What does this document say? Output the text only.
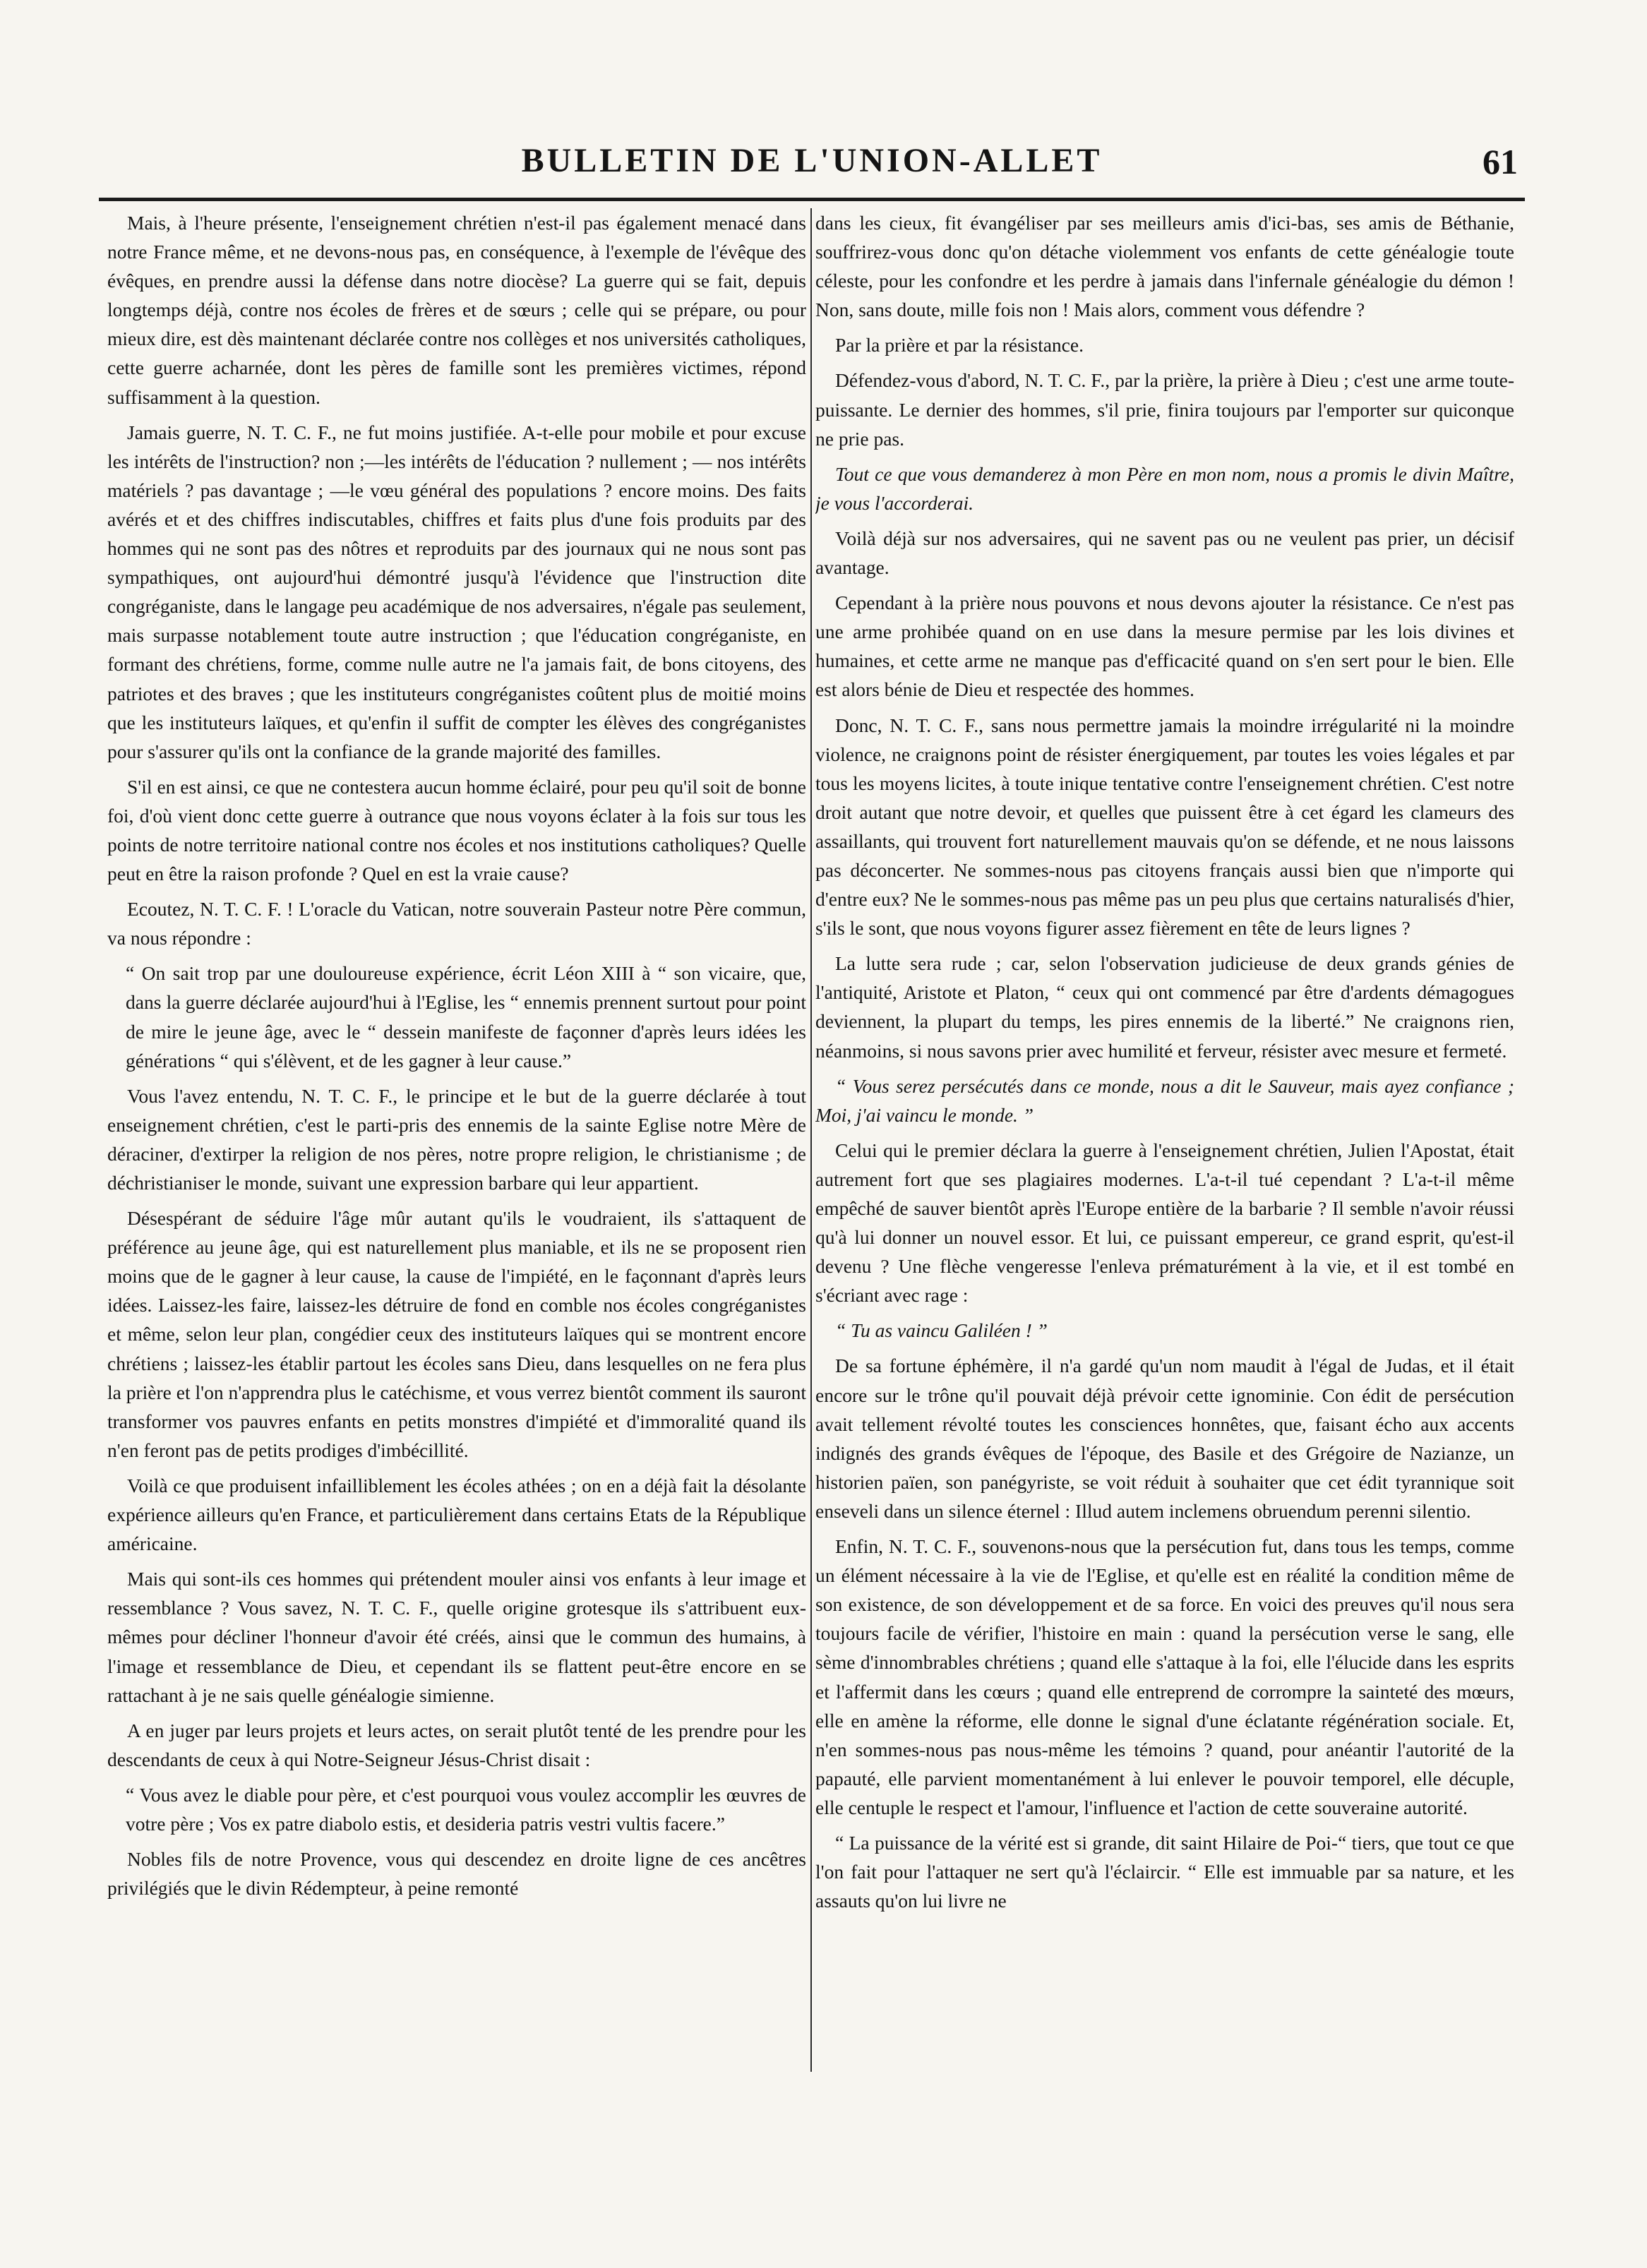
BULLETIN DE L'UNION-ALLET	61

Mais, à l'heure présente, l'enseignement chrétien n'est-il pas également menacé dans notre France même, et ne devons-nous pas, en conséquence, à l'exemple de l'évêque des évêques, en prendre aussi la défense dans notre diocèse? La guerre qui se fait, depuis longtemps déjà, contre nos écoles de frères et de sœurs ; celle qui se prépare, ou pour mieux dire, est dès maintenant déclarée contre nos collèges et nos universités catholiques, cette guerre acharnée, dont les pères de famille sont les premières victimes, répond suffisamment à la question.

Jamais guerre, N. T. C. F., ne fut moins justifiée. A-t-elle pour mobile et pour excuse les intérêts de l'instruction? non ;—les intérêts de l'éducation ? nullement ; — nos intérêts matériels ? pas davantage ; —le vœu général des populations ? encore moins. Des faits avérés et et des chiffres indiscutables, chiffres et faits plus d'une fois produits par des hommes qui ne sont pas des nôtres et reproduits par des journaux qui ne nous sont pas sympathiques, ont aujourd'hui démontré jusqu'à l'évidence que l'instruction dite congréganiste, dans le langage peu académique de nos adversaires, n'égale pas seulement, mais surpasse notablement toute autre instruction ; que l'éducation congréganiste, en formant des chrétiens, forme, comme nulle autre ne l'a jamais fait, de bons citoyens, des patriotes et des braves ; que les instituteurs congréganistes coûtent plus de moitié moins que les instituteurs laïques, et qu'enfin il suffit de compter les élèves des congréganistes pour s'assurer qu'ils ont la confiance de la grande majorité des familles.

S'il en est ainsi, ce que ne contestera aucun homme éclairé, pour peu qu'il soit de bonne foi, d'où vient donc cette guerre à outrance que nous voyons éclater à la fois sur tous les points de notre territoire national contre nos écoles et nos institutions catholiques? Quelle peut en être la raison profonde ? Quel en est la vraie cause?

Ecoutez, N. T. C. F. ! L'oracle du Vatican, notre souverain Pasteur notre Père commun, va nous répondre :

“ On sait trop par une douloureuse expérience, écrit Léon XIII à “ son vicaire, que, dans la guerre déclarée aujourd'hui à l'Eglise, les “ ennemis prennent surtout pour point de mire le jeune âge, avec le “ dessein manifeste de façonner d'après leurs idées les générations “ qui s'élèvent, et de les gagner à leur cause.”

Vous l'avez entendu, N. T. C. F., le principe et le but de la guerre déclarée à tout enseignement chrétien, c'est le parti-pris des ennemis de la sainte Eglise notre Mère de déraciner, d'extirper la religion de nos pères, notre propre religion, le christianisme ; de déchristianiser le monde, suivant une expression barbare qui leur appartient.

Désespérant de séduire l'âge mûr autant qu'ils le voudraient, ils s'attaquent de préférence au jeune âge, qui est naturellement plus maniable, et ils ne se proposent rien moins que de le gagner à leur cause, la cause de l'impiété, en le façonnant d'après leurs idées. Laissez-les faire, laissez-les détruire de fond en comble nos écoles congréganistes et même, selon leur plan, congédier ceux des instituteurs laïques qui se montrent encore chrétiens ; laissez-les établir partout les écoles sans Dieu, dans lesquelles on ne fera plus la prière et l'on n'apprendra plus le catéchisme, et vous verrez bientôt comment ils sauront transformer vos pauvres enfants en petits monstres d'impiété et d'immoralité quand ils n'en feront pas de petits prodiges d'imbécillité.

Voilà ce que produisent infailliblement les écoles athées ; on en a déjà fait la désolante expérience ailleurs qu'en France, et particulièrement dans certains Etats de la République américaine.

Mais qui sont-ils ces hommes qui prétendent mouler ainsi vos enfants à leur image et ressemblance ? Vous savez, N. T. C. F., quelle origine grotesque ils s'attribuent eux-mêmes pour décliner l'honneur d'avoir été créés, ainsi que le commun des humains, à l'image et ressemblance de Dieu, et cependant ils se flattent peut-être encore en se rattachant à je ne sais quelle généalogie simienne.

A en juger par leurs projets et leurs actes, on serait plutôt tenté de les prendre pour les descendants de ceux à qui Notre-Seigneur Jésus-Christ disait :

“ Vous avez le diable pour père, et c'est pourquoi vous voulez accomplir les œuvres de votre père ; Vos ex patre diabolo estis, et desideria patris vestri vultis facere.”

Nobles fils de notre Provence, vous qui descendez en droite ligne de ces ancêtres privilégiés que le divin Rédempteur, à peine remonté

dans les cieux, fit évangéliser par ses meilleurs amis d'ici-bas, ses amis de Béthanie, souffrirez-vous donc qu'on détache violemment vos enfants de cette généalogie toute céleste, pour les confondre et les perdre à jamais dans l'infernale généalogie du démon ! Non, sans doute, mille fois non ! Mais alors, comment vous défendre ?

Par la prière et par la résistance.

Défendez-vous d'abord, N. T. C. F., par la prière, la prière à Dieu ; c'est une arme toute-puissante. Le dernier des hommes, s'il prie, finira toujours par l'emporter sur quiconque ne prie pas.

Tout ce que vous demanderez à mon Père en mon nom, nous a promis le divin Maître, je vous l'accorderai.

Voilà déjà sur nos adversaires, qui ne savent pas ou ne veulent pas prier, un décisif avantage.

Cependant à la prière nous pouvons et nous devons ajouter la résistance. Ce n'est pas une arme prohibée quand on en use dans la mesure permise par les lois divines et humaines, et cette arme ne manque pas d'efficacité quand on s'en sert pour le bien. Elle est alors bénie de Dieu et respectée des hommes.

Donc, N. T. C. F., sans nous permettre jamais la moindre irrégularité ni la moindre violence, ne craignons point de résister énergiquement, par toutes les voies légales et par tous les moyens licites, à toute inique tentative contre l'enseignement chrétien. C'est notre droit autant que notre devoir, et quelles que puissent être à cet égard les clameurs des assaillants, qui trouvent fort naturellement mauvais qu'on se défende, et ne nous laissons pas déconcerter. Ne sommes-nous pas citoyens français aussi bien que n'importe qui d'entre eux? Ne le sommes-nous pas même pas un peu plus que certains naturalisés d'hier, s'ils le sont, que nous voyons figurer assez fièrement en tête de leurs lignes ?

La lutte sera rude ; car, selon l'observation judicieuse de deux grands génies de l'antiquité, Aristote et Platon, “ ceux qui ont commencé par être d'ardents démagogues deviennent, la plupart du temps, les pires ennemis de la liberté.” Ne craignons rien, néanmoins, si nous savons prier avec humilité et ferveur, résister avec mesure et fermeté.

“ Vous serez persécutés dans ce monde, nous a dit le Sauveur, mais ayez confiance ; Moi, j'ai vaincu le monde. ”

Celui qui le premier déclara la guerre à l'enseignement chrétien, Julien l'Apostat, était autrement fort que ses plagiaires modernes. L'a-t-il tué cependant ? L'a-t-il même empêché de sauver bientôt après l'Europe entière de la barbarie ? Il semble n'avoir réussi qu'à lui donner un nouvel essor. Et lui, ce puissant empereur, ce grand esprit, qu'est-il devenu ? Une flèche vengeresse l'enleva prématurément à la vie, et il est tombé en s'écriant avec rage :

“ Tu as vaincu Galiléen ! ”

De sa fortune éphémère, il n'a gardé qu'un nom maudit à l'égal de Judas, et il était encore sur le trône qu'il pouvait déjà prévoir cette ignominie. Con édit de persécution avait tellement révolté toutes les consciences honnêtes, que, faisant écho aux accents indignés des grands évêques de l'époque, des Basile et des Grégoire de Nazianze, un historien païen, son panégyriste, se voit réduit à souhaiter que cet édit tyrannique soit enseveli dans un silence éternel : Illud autem inclemens obruendum perenni silentio.

Enfin, N. T. C. F., souvenons-nous que la persécution fut, dans tous les temps, comme un élément nécessaire à la vie de l'Eglise, et qu'elle est en réalité la condition même de son existence, de son développement et de sa force. En voici des preuves qu'il nous sera toujours facile de vérifier, l'histoire en main : quand la persécution verse le sang, elle sème d'innombrables chrétiens ; quand elle s'attaque à la foi, elle l'élucide dans les esprits et l'affermit dans les cœurs ; quand elle entreprend de corrompre la sainteté des mœurs, elle en amène la réforme, elle donne le signal d'une éclatante régénération sociale. Et, n'en sommes-nous pas nous-même les témoins ? quand, pour anéantir l'autorité de la papauté, elle parvient momentanément à lui enlever le pouvoir temporel, elle décuple, elle centuple le respect et l'amour, l'influence et l'action de cette souveraine autorité.

“ La puissance de la vérité est si grande, dit saint Hilaire de Poi-“ tiers, que tout ce que l'on fait pour l'attaquer ne sert qu'à l'éclaircir. “ Elle est immuable par sa nature, et les assauts qu'on lui livre ne
